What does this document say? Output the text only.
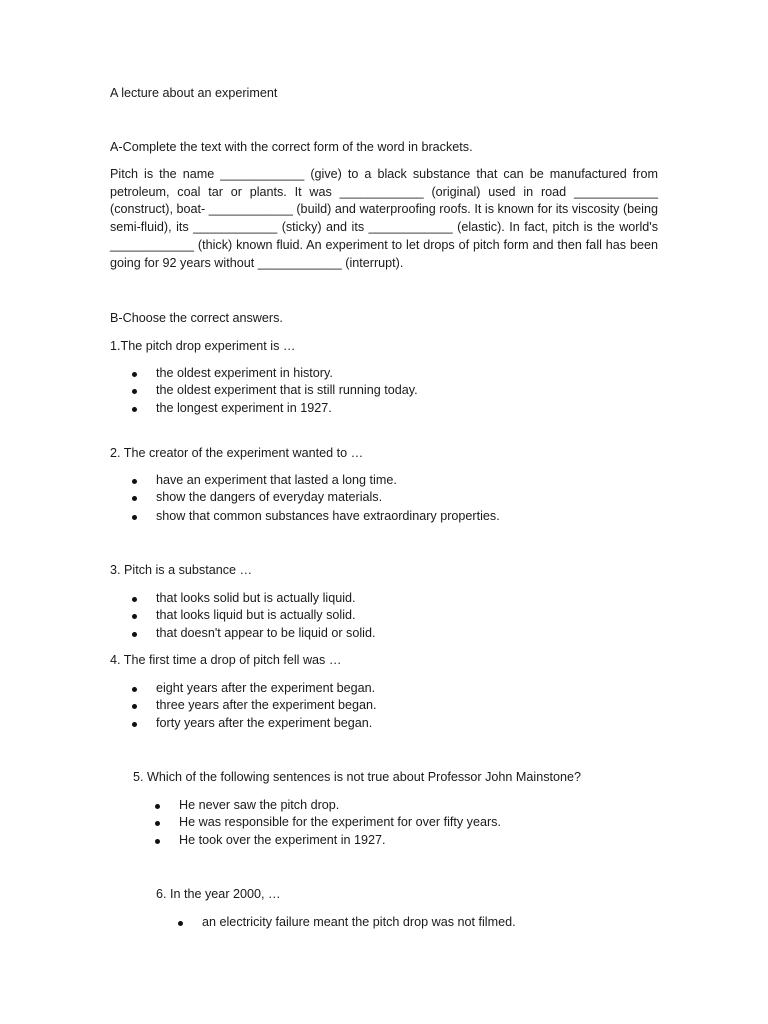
A lecture about an experiment
A-Complete the text with the correct form of the word in brackets.
Pitch is the name ____________ (give) to a black substance that can be manufactured from petroleum, coal tar or plants. It was ____________ (original) used in road ____________ (construct), boat- ____________ (build) and waterproofing roofs. It is known for its viscosity (being semi-fluid), its ____________ (sticky) and its ____________ (elastic). In fact, pitch is the world's ____________ (thick) known fluid. An experiment to let drops of pitch form and then fall has been going for 92 years without ____________ (interrupt).
B-Choose the correct answers.
1.The pitch drop experiment is …
the oldest experiment in history.
the oldest experiment that is still running today.
the longest experiment in 1927.
2. The creator of the experiment wanted to …
have an experiment that lasted a long time.
show the dangers of everyday materials.
show that common substances have extraordinary properties.
3. Pitch is a substance …
that looks solid but is actually liquid.
that looks liquid but is actually solid.
that doesn't appear to be liquid or solid.
4. The first time a drop of pitch fell was …
eight years after the experiment began.
three years after the experiment began.
forty years after the experiment began.
5. Which of the following sentences is not true about Professor John Mainstone?
He never saw the pitch drop.
He was responsible for the experiment for over fifty years.
He took over the experiment in 1927.
6. In the year 2000, …
an electricity failure meant the pitch drop was not filmed.
